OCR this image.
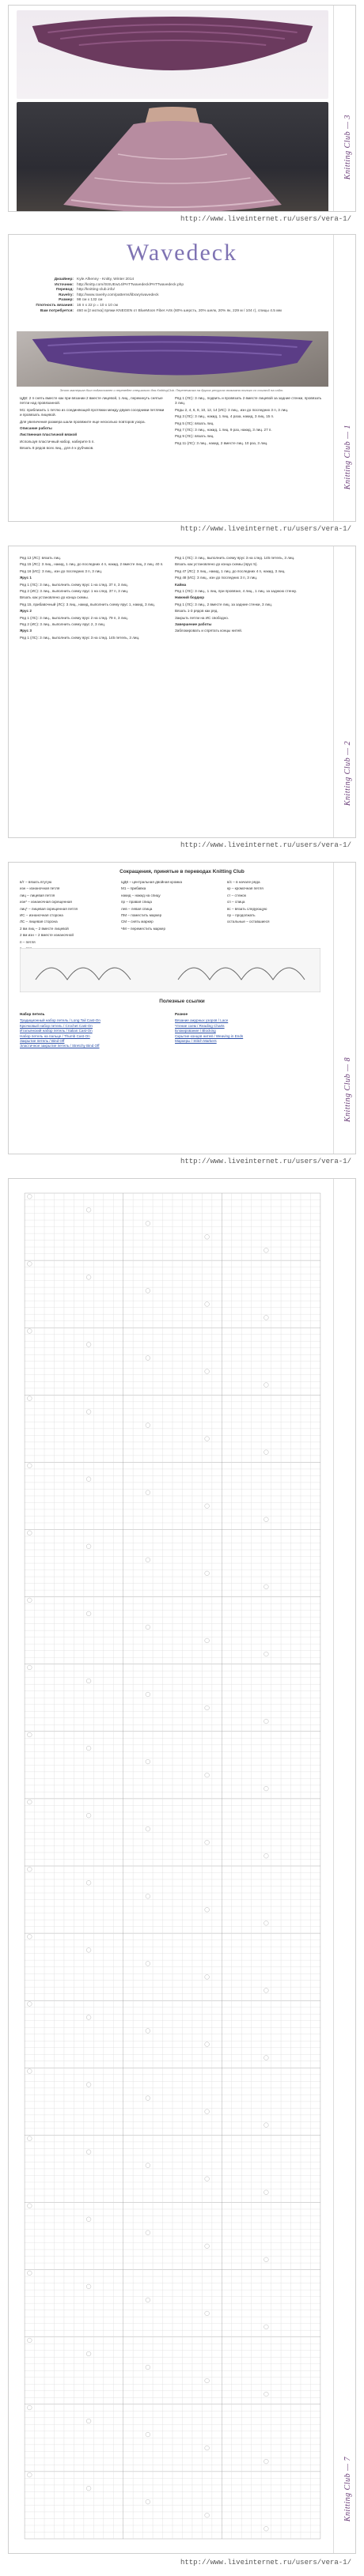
Knitting Club — 3
http://www.liveinternet.ru/users/vera-1/
Wavedeck
Дизайнер: Kyle Alhenny - Knitty, Winter 2014
Источник: http://knitty.com/ISSUEw14/PATTwavedeck/PATTwavedeck.php
Перевод: http://knitting-club.info/
Ravelry: http://www.ravelry.com/patterns/library/wavedeck
Размер: 98 см x 132 см
Плотность вязания: 16 п x 22 р = 10 x 10 см
Вам потребуется: 460 м [2 мотка] пряжи KNEGEN от BlueMoon Fiber Arts (60% шерсть, 20% шелк, 20% як, 229 м / 104 г), спицы 4.5 мм
Этот материал был подготовлен и переведен специально для KnittingClub. Перепечатка на других ресурсах возможна только со ссылкой на сайт.

ЦДК: 2 п снять вместе как при вязании 2 вместе лицевой, 1 лиц., перекинуть снятые петли над провязанной.

М1: приблизить 1 петлю из соединяющей протяжки между двумя соседними петлями и провязать лицевой.

Для увеличения размера шали провяжите еще несколько повторов узора.

Описание работы

Лиственная пластичной вязкой

Используя пластичный набор, наберите 5 п.

Вязать 8 рядов всех лиц., для 4-х рубчиков.

Ряд 1 (ЛС): 3 лиц., подвить и провязать 2 вместе лицевой за задние стенки, провязать 3 лиц.

Ряды 2, 4, 6, 8, 10, 12, 14 (ИС): 3 лиц., изн до последних 3 п, 3 лиц.

Ряд 3 (ЛС): 3 лиц., накид, 1 лиц. 4 раза, накид, 3 лиц. 15 п.

Ряд 5 (ЛС): вязать лиц.

Ряд 7 (ЛС): 3 лиц., накид, 1 лиц. 9 раз, накид, 3 лиц. 27 п.

Ряд 9 (ЛС): вязать лиц.

Ряд 11 (ЛС): 3 лиц., накид, 2 вместе лиц. 10 раз, 3 лиц.	Knitting Club — 1
http://www.liveinternet.ru/users/vera-1/

Ряд 13 (ЛС): вязать лиц.

Ряд 15 (ЛС): 3 лиц., накид, 1 лиц. до последних 4 п, накид, 2 вместе лиц, 2 лиц. 40 п.

Ряд 16 (ИС): 3 лиц., изн до последних 3 п, 3 лиц.

Ярус 1

Ряд 1 (ЛС): 3 лиц., выполнить схему ярус 1 на след. 37 п, 3 лиц.

Ряд 2 (ИС): 3 лиц., выполнить схему ярус 1 на след. 37 п, 3 лиц.

Вязать как установлено до конца схемы.

Ряд 15, прибавочный (ЛС): 3 лиц., накид, выполнить схему ярус 1, накид, 3 лиц.

Ярус 2

Ряд 1 (ЛС): 3 лиц., выполнить схему ярус 2 на след. 79 п, 3 лиц.

Ряд 2 (ИС): 3 лиц., выполнить схему ярус 2, 3 лиц.

Ярус 3

Ряд 1 (ЛС): 3 лиц., выполнить схему ярус 3 на след. 145 петель, 3 лиц.

Ряд 1 (ЛС): 3 лиц., выполнить схему ярус 3 на след. 145 петель, 3 лиц.

Вязать как установлено до конца схемы (ярус 5).

Ряд 47 (ЛС): 3 лиц., накид, 1 лиц. до последних 4 п, накид, 3 лиц.

Ряд 48 (ИС): 3 лиц., изн до последних 3 п, 3 лиц.

Кайма

Ряд 1 (ЛС): 3 лиц., 1 лиц. при провязке, 4 лиц., 1 лиц. за заднюю стенку.

Нижний бордюр

Ряд 1 (ЛС): 3 лиц., 2 вместе лиц. за задние стенки, 3 лиц.

Вязать 1-3 рядов как ряд.

Закрыть петли на ИС свободно.

Завершение работы

Заблокировать и спрятать концы нитей.

Knitting Club — 2
http://www.liveinternet.ru/users/vera-1/
Сокращения, принятые в переводах Knitting Club

в/т – вязать втугую

изн – изнаночная петля

лиц – лицевая петля

изн* – изнаночная скрещенная

лиц* – лицевая скрещенная петля

ИС – изнаночная сторона

ЛС – лицевая сторона

2 вм лиц – 2 вместе лицевой

2 вм изн – 2 вместе изнаночной

п – петля

ЦДК – центральная двойная кромка

М1 – прибавка

накид – накид на спицу

пр – правая спица

лев – левая спица

ПМ – поместить маркер

СМ – снять маркер

ЧМ – переместить маркер

в/с – в начале ряда

кр – кромочная петля

ст – стежок

сп – спица

вс – вязать следующую

пр – продолжать

остальные – оставшиеся

Полезные ссылки

Набор петель

Традиционный набор петель / Long Tail Cast-On
Крючковый набор петель / Crochet Cast-On
Итальянский набор петель / Italian Cast-On
Набор петель на пальце / Thumb Cast-On
Закрытие петель / Bind Off
Эластичное закрытие петель / Stretchy Bind Off

Разное

Вязание ажурных узоров / Lace
Чтение схем / Reading Charts
Блокирование / Blocking
Скрытие концов нитей / Weaving in Ends
Маркеры / Stitch Markers
Knitting Club — 8
http://www.liveinternet.ru/users/vera-1/
Knitting Club — 7
http://www.liveinternet.ru/users/vera-1/
